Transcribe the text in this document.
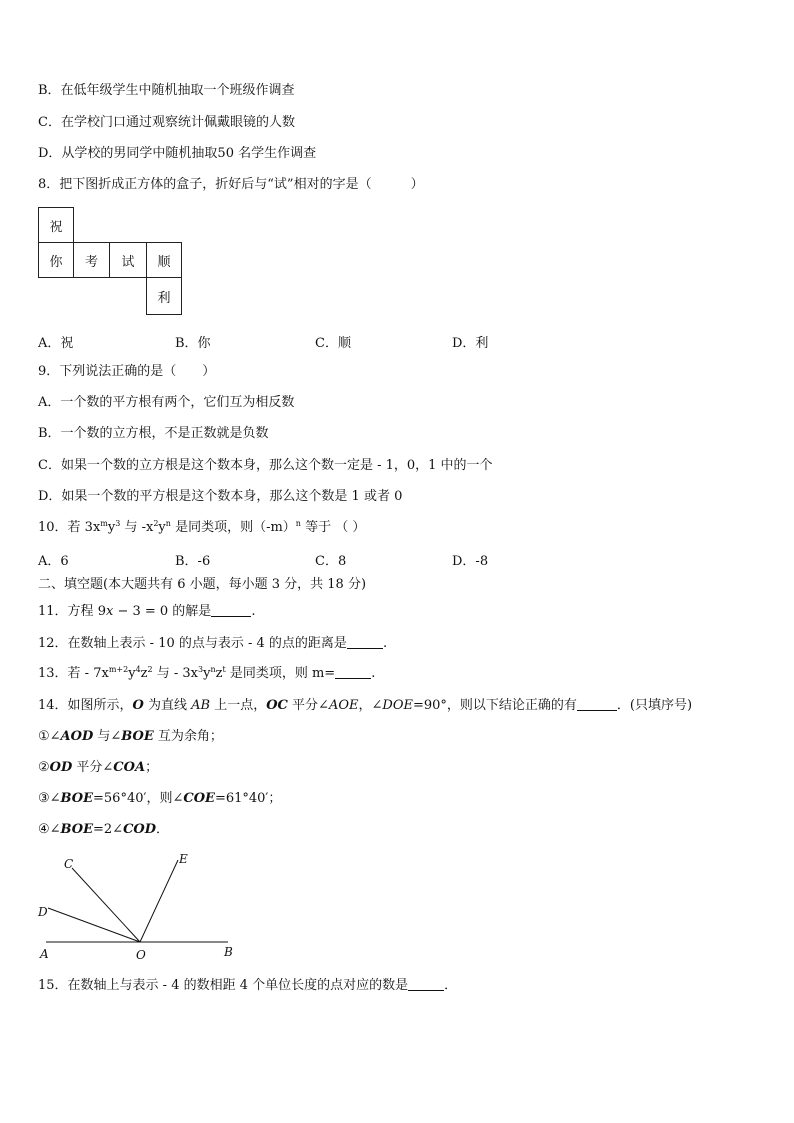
B．在低年级学生中随机抽取一个班级作调查
C．在学校门口通过观察统计佩戴眼镜的人数
D．从学校的男同学中随机抽取50 名学生作调查
8．把下图折成正方体的盒子，折好后与“试”相对的字是（　　　）
祝
你	考	试	顺
利
A．祝	B．你	C．顺	D．利
9．下列说法正确的是（　　）
A．一个数的平方根有两个，它们互为相反数
B．一个数的立方根，不是正数就是负数
C．如果一个数的立方根是这个数本身，那么这个数一定是 - 1，0，1 中的一个
D．如果一个数的平方根是这个数本身，那么这个数是 1 或者 0
10．若 $3x^my^3$ 与 $-x^2y^n$ 是同类项，则$(-m)^n$ 等于 （ ）
A．6	B．-6	C．8	D．-8
二、填空题(本大题共有 6 小题，每小题 3 分，共 18 分)
11．方程 9x − 3 = 0 的解是	.
12．在数轴上表示 - 10 的点与表示 - 4 的点的距离是	.
13．若 - $7x^{m+2}y^4z^2$ 与 - $3x^3y^nz^t$ 是同类项，则 m=	.
14．如图所示，O 为直线 AB 上一点，OC 平分∠AOE，∠DOE=90°，则以下结论正确的有	．(只填序号)
①∠AOD 与∠BOE 互为余角；
②OD 平分∠COA；
③∠BOE=56°40′，则∠COE=61°40′；
④∠BOE=2∠COD．
C	E
D
A	O	B
15．在数轴上与表示 - 4 的数相距 4 个单位长度的点对应的数是	．
